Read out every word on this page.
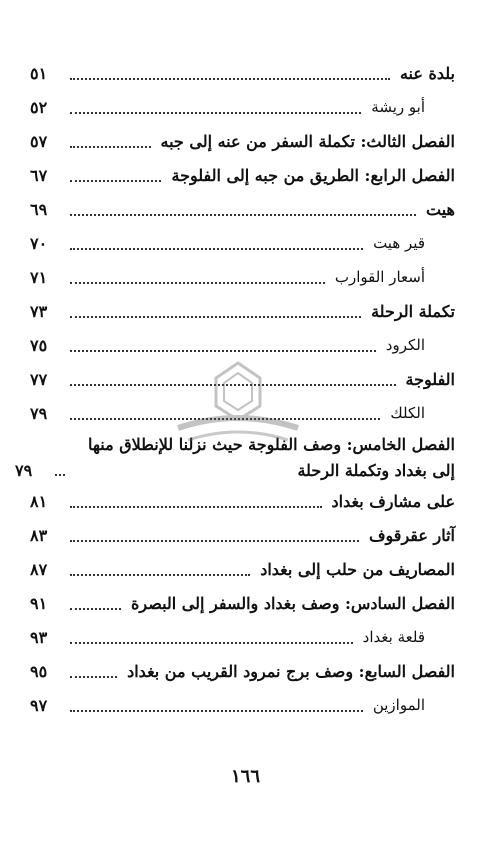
بلدة عنه
٥١
أبو ريشة
٥٢
الفصل الثالث: تكملة السفر من عنه إلى جبه
٥٧
الفصل الرابع: الطريق من جبه إلى الفلوجة
٦٧
هيت
٦٩
قير هيت
٧٠
أسعار القوارب
٧١
تكملة الرحلة
٧٣
الكرود
٧٥
الفلوجة
٧٧
الكلك
٧٩
الفصل الخامس: وصف الفلوجة حيث نزلنا للإنطلاق منها إلى بغداد وتكملة الرحلة
٧٩
على مشارف بغداد
٨١
آثار عقرقوف
٨٣
المصاريف من حلب إلى بغداد
٨٧
الفصل السادس: وصف بغداد والسفر إلى البصرة
٩١
قلعة بغداد
٩٣
الفصل السابع: وصف برج نمرود القريب من بغداد
٩٥
الموازين
٩٧
١٦٦
